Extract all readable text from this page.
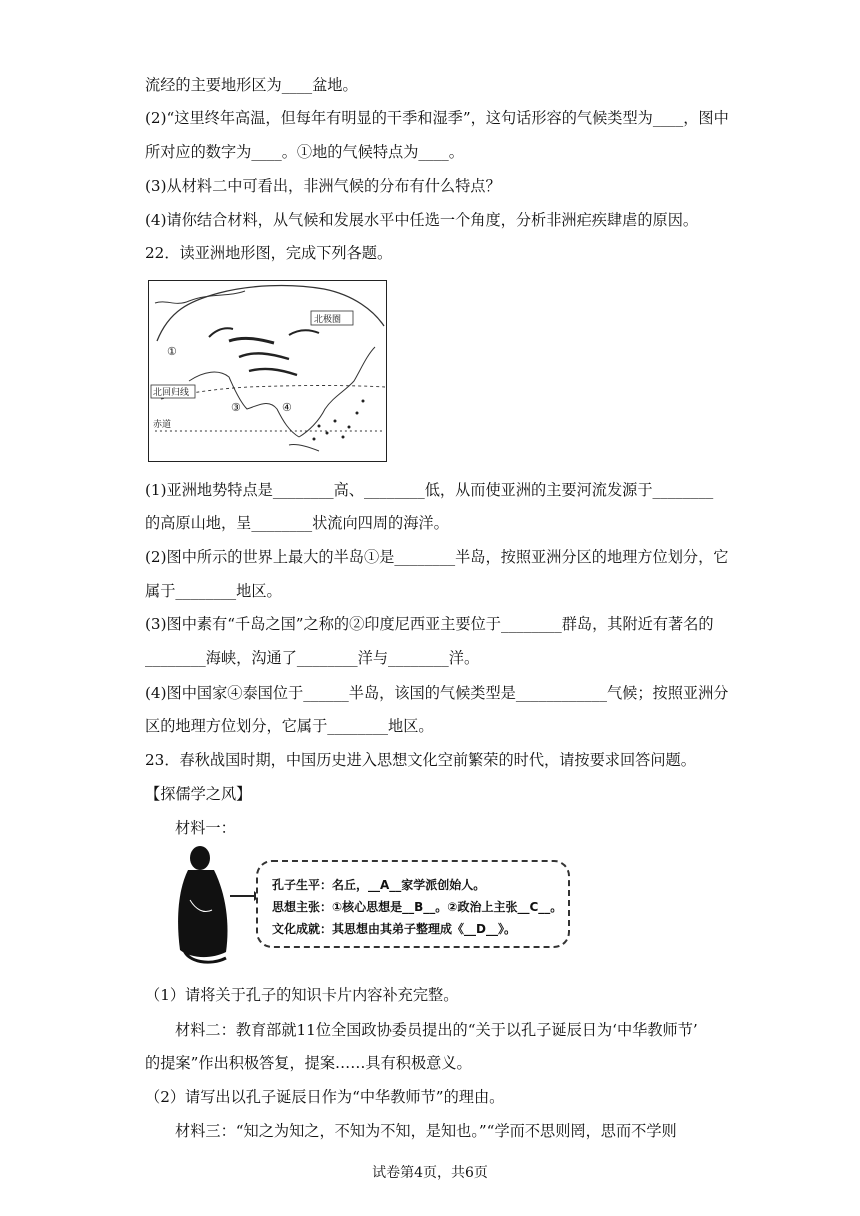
流经的主要地形区为____盆地。
(2)“这里终年高温，但每年有明显的干季和湿季”，这句话形容的气候类型为____，图中
所对应的数字为____。①地的气候特点为____。
(3)从材料二中可看出，非洲气候的分布有什么特点？
(4)请你结合材料，从气候和发展水平中任选一个角度，分析非洲疟疾肆虐的原因。
22．读亚洲地形图，完成下列各题。
北极圈
北回归线
赤道
①
③	④
(1)亚洲地势特点是________高、________低，从而使亚洲的主要河流发源于________
的高原山地，呈________状流向四周的海洋。
(2)图中所示的世界上最大的半岛①是________半岛，按照亚洲分区的地理方位划分，它
属于________地区。
(3)图中素有“千岛之国”之称的②印度尼西亚主要位于________群岛，其附近有著名的
________海峡，沟通了________洋与________洋。
(4)图中国家④泰国位于______半岛，该国的气候类型是____________气候；按照亚洲分
区的地理方位划分，它属于________地区。
23．春秋战国时期，中国历史进入思想文化空前繁荣的时代，请按要求回答问题。
【探儒学之风】
材料一：
孔子生平：名丘，__A__家学派创始人。
思想主张：①核心思想是__B__。②政治上主张__C__。
文化成就：其思想由其弟子整理成《__D__》。
（1）请将关于孔子的知识卡片内容补充完整。
材料二：教育部就11位全国政协委员提出的“关于以孔子诞辰日为‘中华教师节’
的提案”作出积极答复，提案……具有积极意义。
（2）请写出以孔子诞辰日作为“中华教师节”的理由。
材料三：“知之为知之，不知为不知，是知也。”“学而不思则罔，思而不学则
试卷第4页，共6页
